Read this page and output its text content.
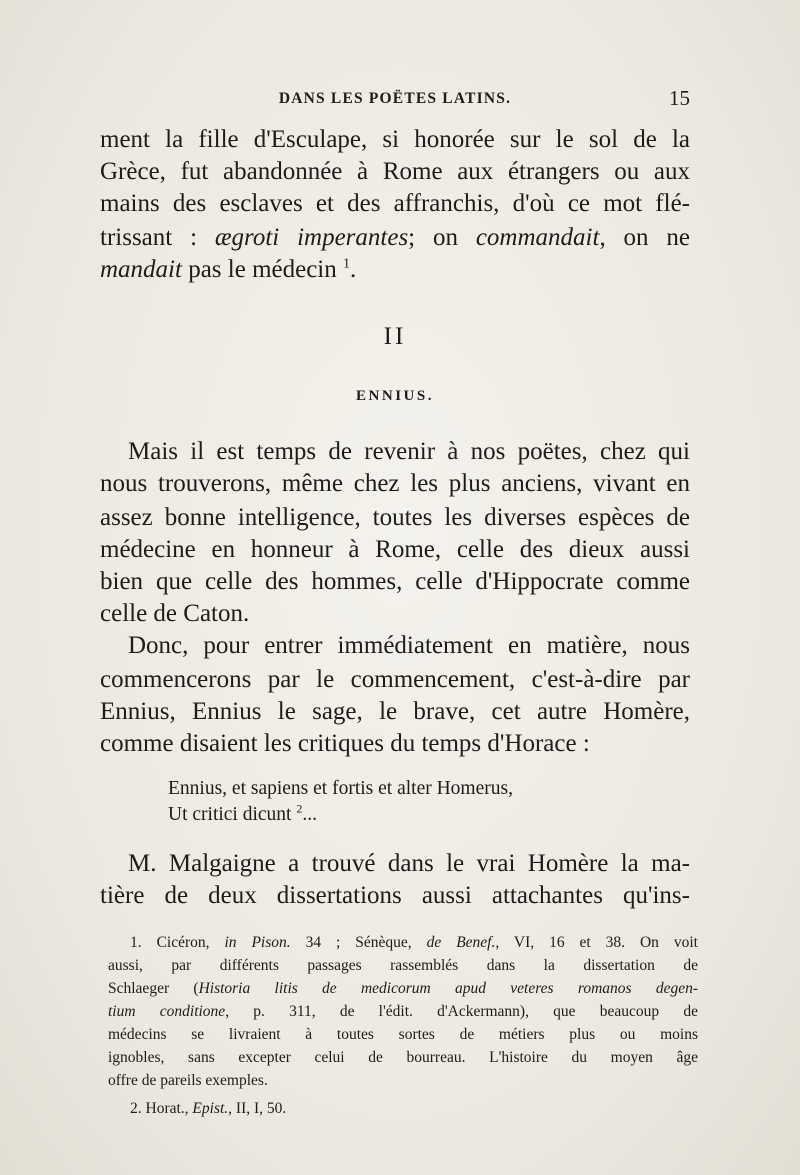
DANS LES POËTES LATINS.	15
ment la fille d'Esculape, si honorée sur le sol de la
Grèce, fut abandonnée à Rome aux étrangers ou aux
mains des esclaves et des affranchis, d'où ce mot flé-
trissant : ægroti imperantes; on commandait, on ne
mandait pas le médecin $^1$.
II
ENNIUS.
Mais il est temps de revenir à nos poëtes, chez qui
nous trouverons, même chez les plus anciens, vivant en
assez bonne intelligence, toutes les diverses espèces de
médecine en honneur à Rome, celle des dieux aussi
bien que celle des hommes, celle d'Hippocrate comme
celle de Caton.
Donc, pour entrer immédiatement en matière, nous
commencerons par le commencement, c'est-à-dire par
Ennius, Ennius le sage, le brave, cet autre Homère,
comme disaient les critiques du temps d'Horace :
Ennius, et sapiens et fortis et alter Homerus,
Ut critici dicunt $^2$...
M. Malgaigne a trouvé dans le vrai Homère la ma-
tière de deux dissertations aussi attachantes qu'ins-
1. Cicéron, in Pison. 34 ; Sénèque, de Benef., VI, 16 et 38. On voit
aussi, par différents passages rassemblés dans la dissertation de
Schlaeger (Historia litis de medicorum apud veteres romanos degen-
tium conditione, p. 311, de l'édit. d'Ackermann), que beaucoup de
médecins se livraient à toutes sortes de métiers plus ou moins
ignobles, sans excepter celui de bourreau. L'histoire du moyen âge
offre de pareils exemples.
2. Horat., Epist., II, I, 50.
